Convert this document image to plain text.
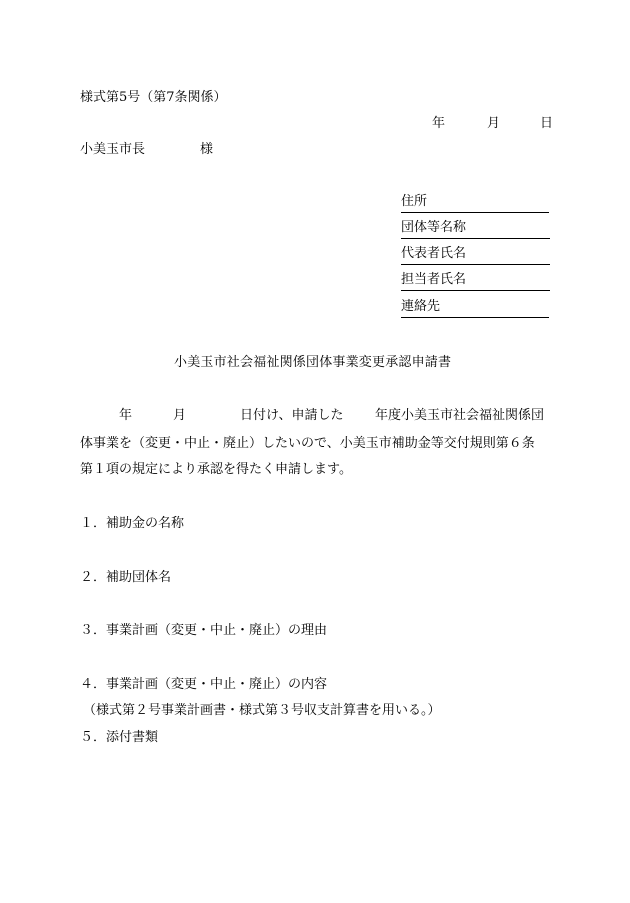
様式第5号（第7条関係）
年	月	日
小美玉市長	様
住所
団体等名称
代表者氏名
担当者氏名
連絡先
小美玉市社会福祉関係団体事業変更承認申請書
年	月	日付け、申請した 年度小美玉市社会福祉関係団
体事業を（変更・中止・廃止）したいので、小美玉市補助金等交付規則第６条
第１項の規定により承認を得たく申請します。
１．補助金の名称
２．補助団体名
３．事業計画（変更・中止・廃止）の理由
４．事業計画（変更・中止・廃止）の内容
（様式第２号事業計画書・様式第３号収支計算書を用いる。）
５．添付書類
